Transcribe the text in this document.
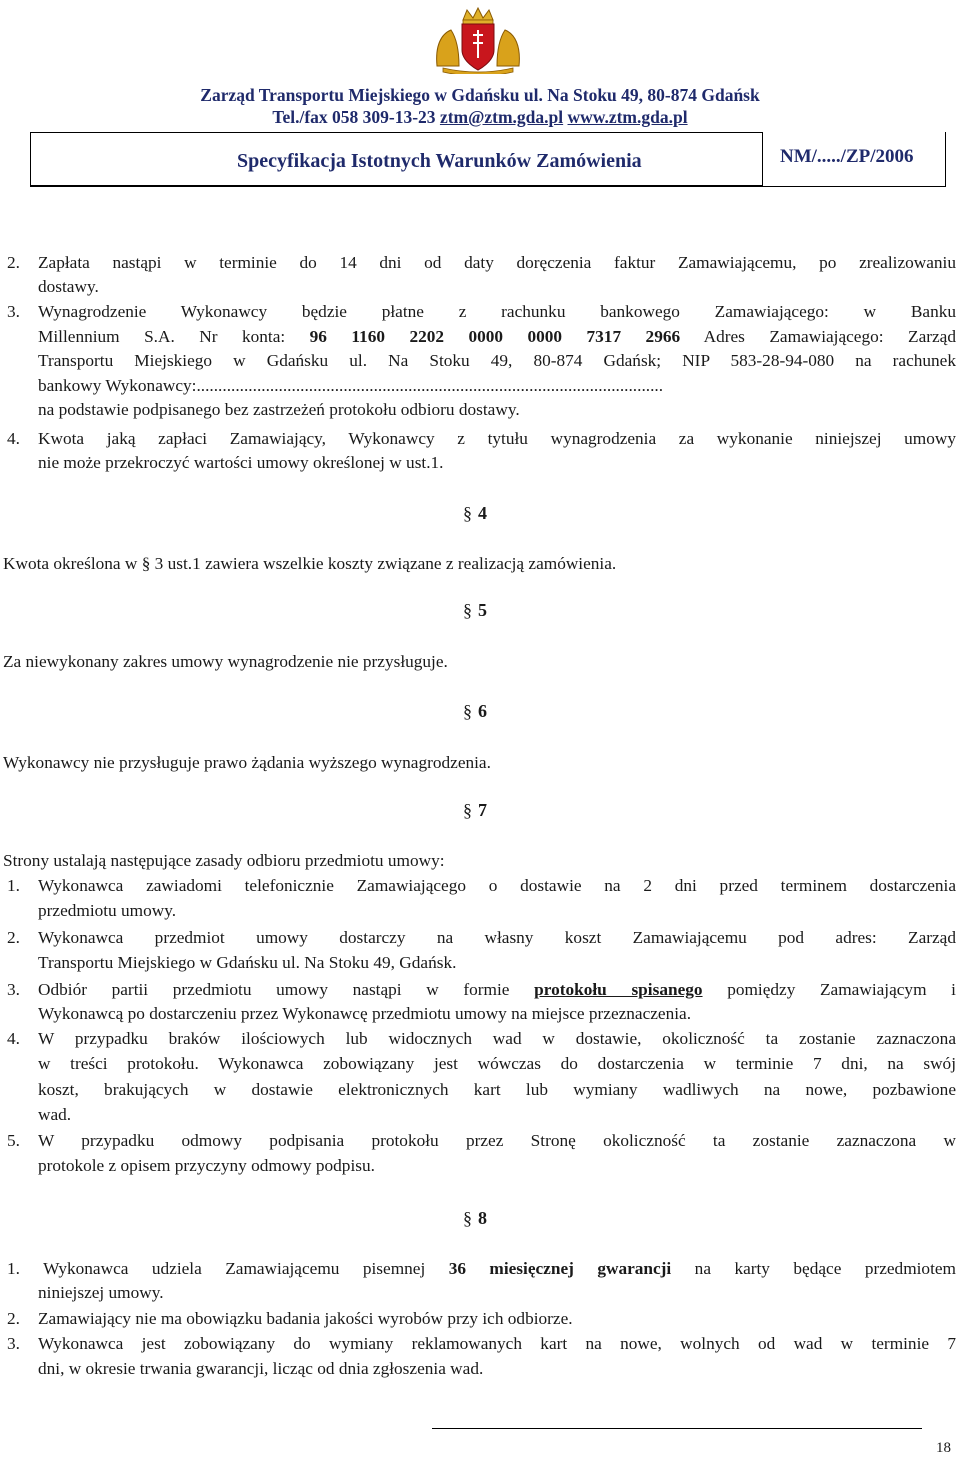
Zarząd Transportu Miejskiego w Gdańsku ul. Na Stoku 49, 80-874 Gdańsk
Tel./fax 058 309-13-23 ztm@ztm.gda.pl www.ztm.gda.pl
Specyfikacja Istotnych Warunków Zamówienia	NM/...../ZP/2006
2. Zapłata nastąpi w terminie do 14 dni od daty doręczenia faktur Zamawiającemu, po zrealizowaniu
dostawy.
3. Wynagrodzenie Wykonawcy będzie płatne z rachunku bankowego Zamawiającego: w Banku
Millennium S.A. Nr konta: 96 1160 2202 0000 0000 7317 2966 Adres Zamawiającego: Zarząd
Transportu Miejskiego w Gdańsku ul. Na Stoku 49, 80-874 Gdańsk; NIP 583-28-94-080 na rachunek
bankowy Wykonawcy:............................................................................................................
na podstawie podpisanego bez zastrzeżeń protokołu odbioru dostawy.
4. Kwota jaką zapłaci Zamawiający, Wykonawcy z tytułu wynagrodzenia za wykonanie niniejszej umowy
nie może przekroczyć wartości umowy określonej w ust.1.
§ 4
Kwota określona w § 3 ust.1 zawiera wszelkie koszty związane z realizacją zamówienia.
§ 5
Za niewykonany zakres umowy wynagrodzenie nie przysługuje.
§ 6
Wykonawcy nie przysługuje prawo żądania wyższego wynagrodzenia.
§ 7
Strony ustalają następujące zasady odbioru przedmiotu umowy:
1. Wykonawca zawiadomi telefonicznie Zamawiającego o dostawie na 2 dni przed terminem dostarczenia
przedmiotu umowy.
2. Wykonawca przedmiot umowy dostarczy na własny koszt Zamawiającemu pod adres: Zarząd
Transportu Miejskiego w Gdańsku ul. Na Stoku 49, Gdańsk.
3. Odbiór partii przedmiotu umowy nastąpi w formie protokołu spisanego pomiędzy Zamawiającym i
Wykonawcą po dostarczeniu przez Wykonawcę przedmiotu umowy na miejsce przeznaczenia.
4. W przypadku braków ilościowych lub widocznych wad w dostawie, okoliczność ta zostanie zaznaczona
w treści protokołu. Wykonawca zobowiązany jest wówczas do dostarczenia w terminie 7 dni, na swój
koszt, brakujących w dostawie elektronicznych kart lub wymiany wadliwych na nowe, pozbawione
wad.
5. W przypadku odmowy podpisania protokołu przez Stronę okoliczność ta zostanie zaznaczona w
protokole z opisem przyczyny odmowy podpisu.
§ 8
1. Wykonawca udziela Zamawiającemu pisemnej 36 miesięcznej gwarancji na karty będące przedmiotem
niniejszej umowy.
2. Zamawiający nie ma obowiązku badania jakości wyrobów przy ich odbiorze.
3. Wykonawca jest zobowiązany do wymiany reklamowanych kart na nowe, wolnych od wad w terminie 7
dni, w okresie trwania gwarancji, licząc od dnia zgłoszenia wad.
18
